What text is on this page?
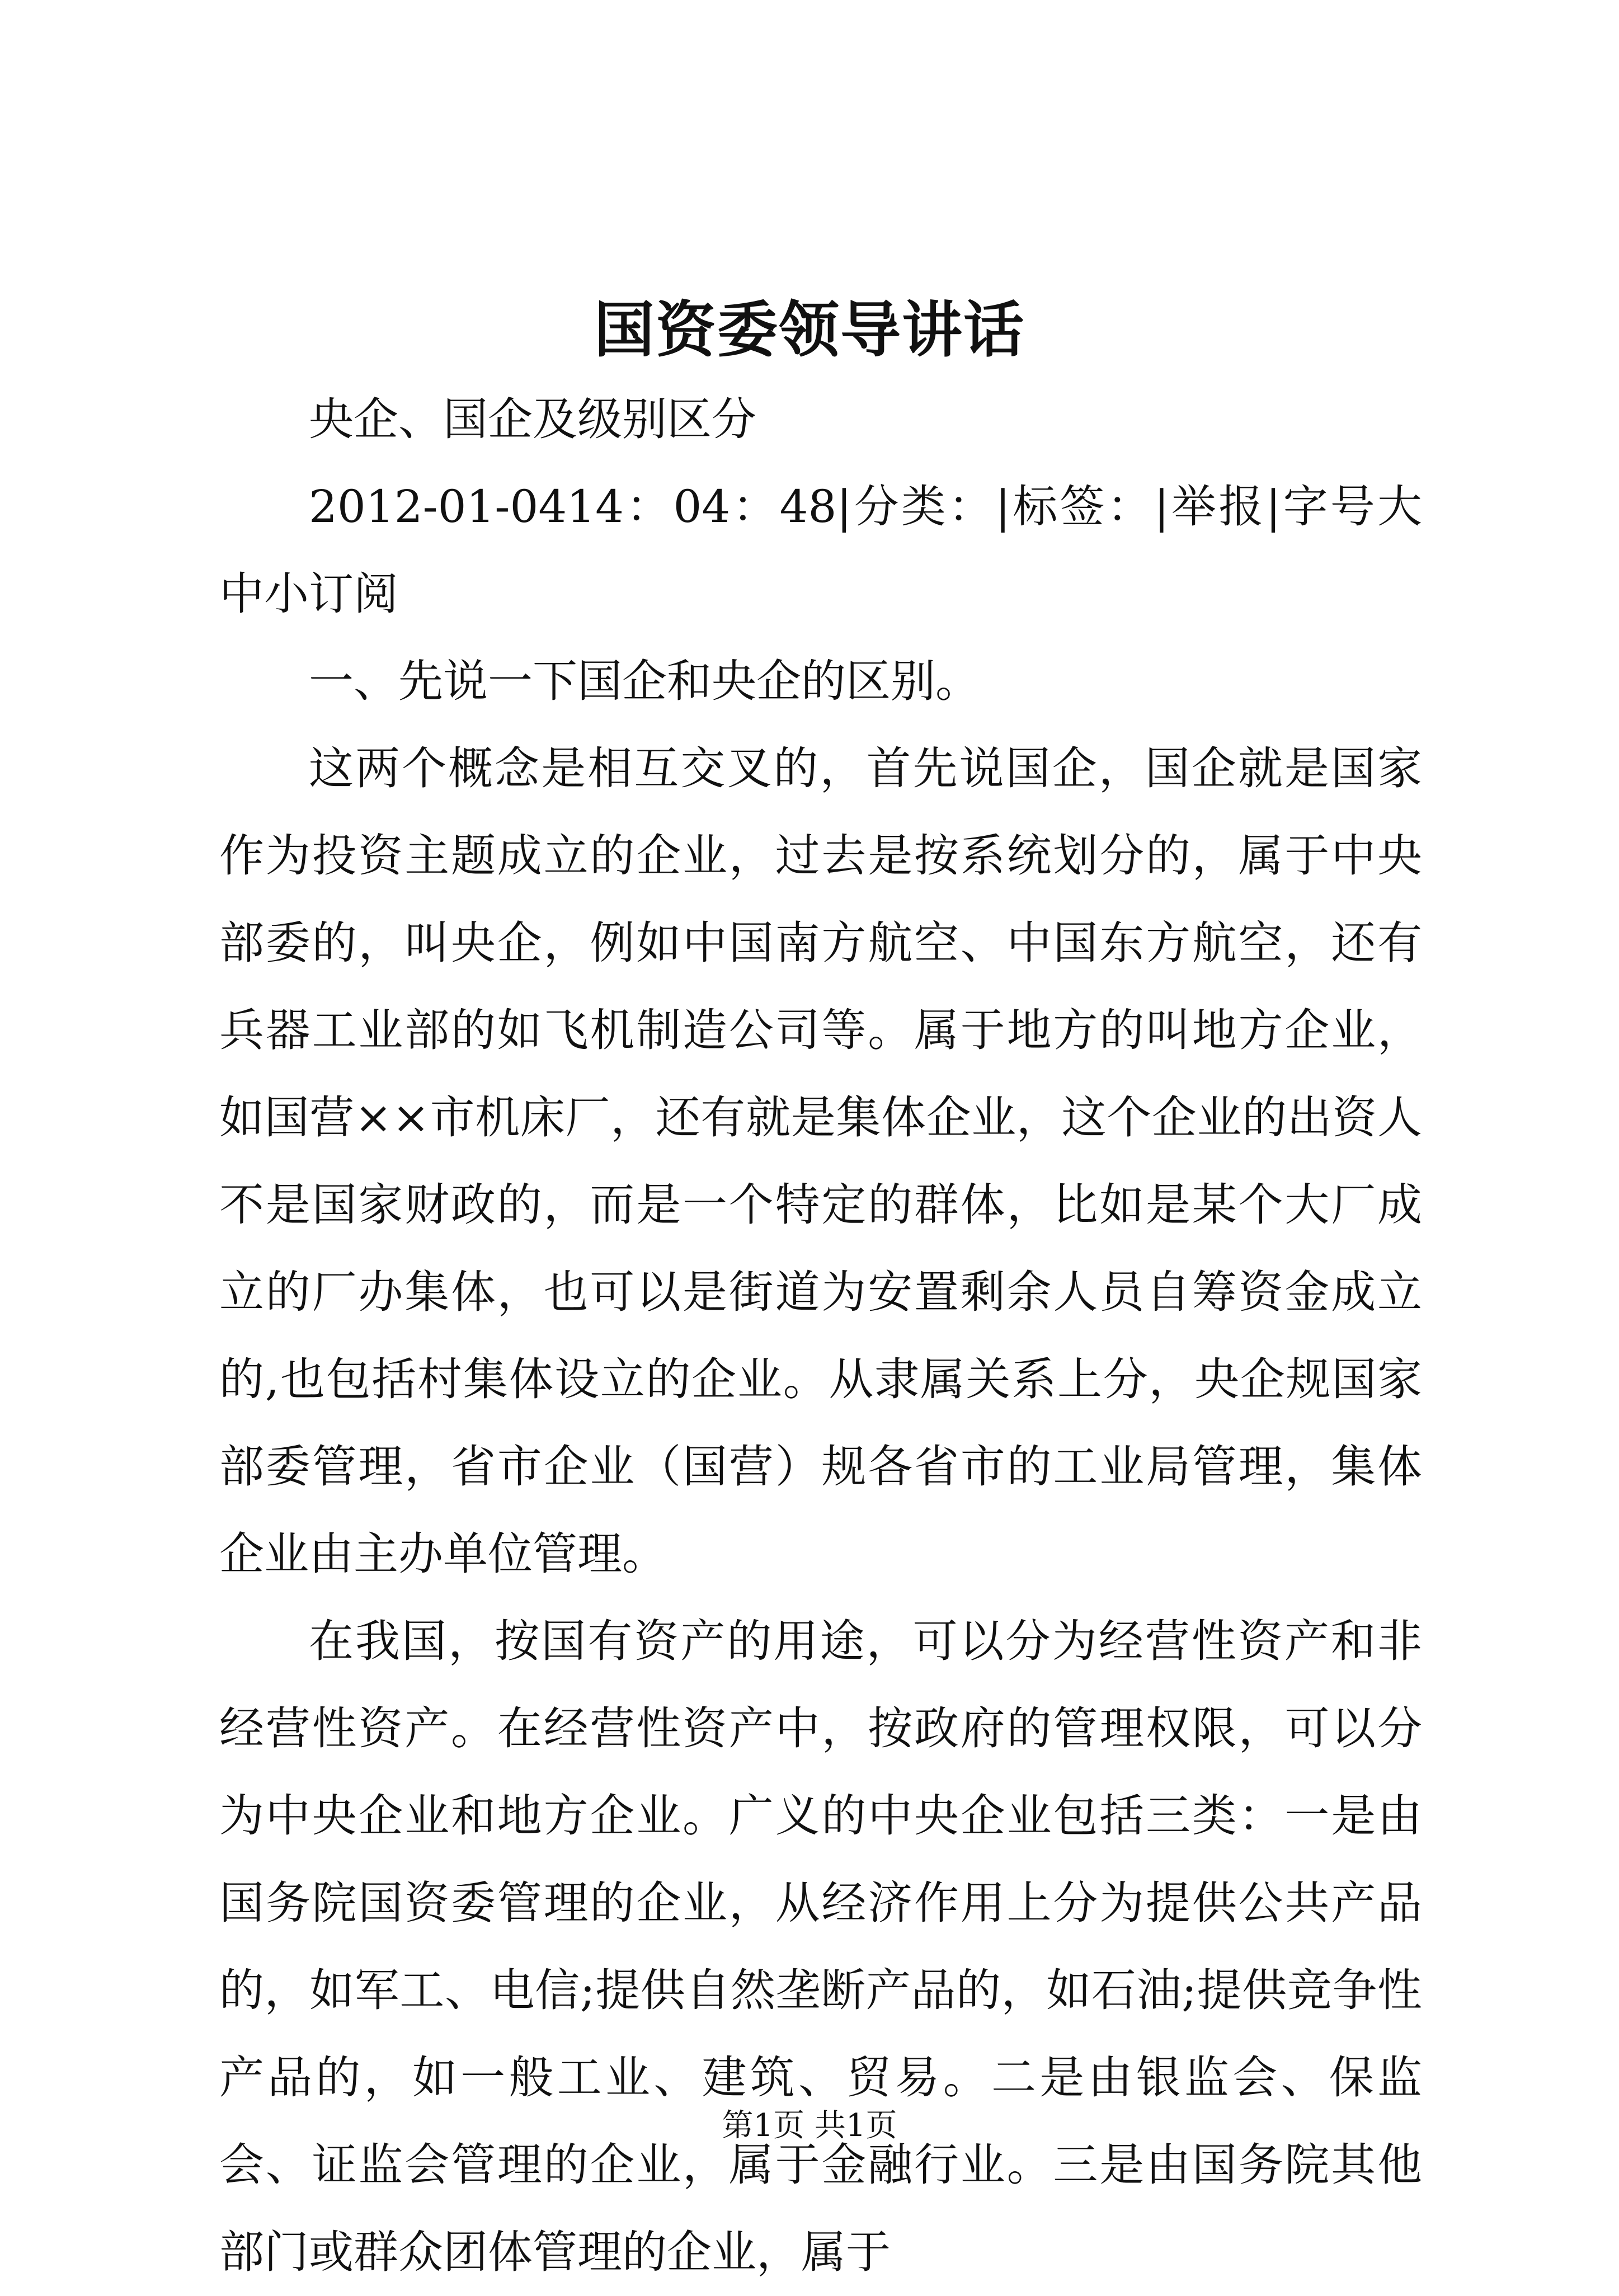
国资委领导讲话

央企、国企及级别区分

2012-01-0414：04：48|分类：|标签：|举报|字号大中小订阅

一、先说一下国企和央企的区别。

这两个概念是相互交叉的，首先说国企，国企就是国家作为投资主题成立的企业，过去是按系统划分的，属于中央部委的，叫央企，例如中国南方航空、中国东方航空，还有兵器工业部的如飞机制造公司等。属于地方的叫地方企业，如国营××市机床厂，还有就是集体企业，这个企业的出资人不是国家财政的，而是一个特定的群体，比如是某个大厂成立的厂办集体，也可以是街道为安置剩余人员自筹资金成立的,也包括村集体设立的企业。从隶属关系上分，央企规国家部委管理，省市企业（国营）规各省市的工业局管理，集体企业由主办单位管理。

在我国，按国有资产的用途，可以分为经营性资产和非经营性资产。在经营性资产中，按政府的管理权限，可以分为中央企业和地方企业。广义的中央企业包括三类：一是由国务院国资委管理的企业，从经济作用上分为提供公共产品的，如军工、电信;提供自然垄断产品的，如石油;提供竞争性产品的，如一般工业、建筑、贸易。二是由银监会、保监会、证监会管理的企业，属于金融行业。三是由国务院其他部门或群众团体管理的企业，属于

第1页 共1页
